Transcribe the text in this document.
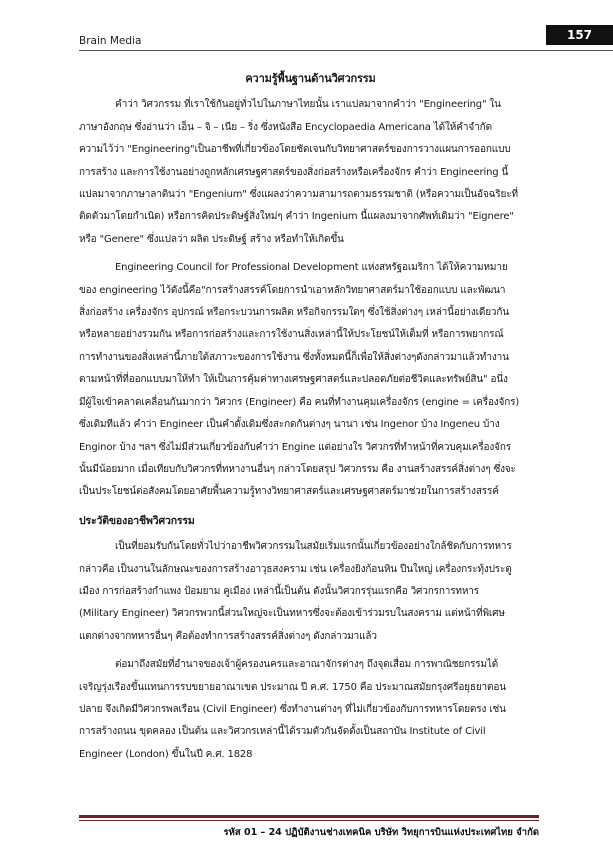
Brain Media	157
ความรู้พื้นฐานด้านวิศวกรรม
คำว่า วิศวกรรม ที่เราใช้กันอยู่ทั่วไปในภาษาไทยนั้น เราแปลมาจากคำว่า "Engineering" ใน
ภาษาอังกฤษ ซึ่งอ่านว่า เอ็น – จิ – เนีย – ริ่ง ซึ่งหนังสือ Encyclopaedia Americana ได้ให้คำจำกัด
ความไว้ว่า "Engineering"เป็นอาชีพที่เกี่ยวข้องโดยชัดเจนกับวิทยาศาสตร์ของการวางแผนการออกแบบ
การสร้าง และการใช้งานอย่างถูกหลักเศรษฐศาสตร์ของสิ่งก่อสร้างหรือเครื่องจักร คำว่า Engineering นี้
แปลมาจากภาษาลาตินว่า "Engenium" ซึ่งแผลงว่าความสามารถตามธรรมชาติ (หรือความเป็นอัจฉริยะที่
ติดตัวมาโดยกำเนิด) หรือการคิดประดิษฐ์สิ่งใหม่ๆ คำว่า Ingenium นี้แผลงมาจากศัพท์เดิมว่า "Eignere"
หรือ "Genere" ซึ่งแปลว่า ผลิต ประดิษฐ์ สร้าง หรือทำให้เกิดขึ้น
Engineering Council for Professional Development แห่งสหรัฐอเมริกา ได้ให้ความหมาย
ของ engineering ไว้ดังนี้คือ"การสร้างสรรค์โดยการนำเอาหลักวิทยาศาสตร์มาใช้ออกแบบ และพัฒนา
สิ่งก่อสร้าง เครื่องจักร อุปกรณ์ หรือกระบวนการผลิต หรือกิจกรรมใดๆ ซึ่งใช้สิ่งต่างๆ เหล่านี้อย่างเดียวกัน
หรือหลายอย่างรวมกัน หรือการก่อสร้างและการใช้งานสิ่งเหล่านี้ให้ประโยชน์ให้เต็มที่ หรือการพยากรณ์
การทำงานของสิ่งเหล่านี้ภายใต้สภาวะของการใช้งาน ซึ่งทั้งหมดนี้ก็เพื่อให้สิ่งต่างๆดังกล่าวมาแล้วทำงาน
ตามหน้าที่ที่ออกแบบมาให้ทำ ให้เป็นการคุ้มค่าทางเศรษฐศาสตร์และปลอดภัยต่อชีวิตและทรัพย์สิน" อนึ่ง
มีผู้ใจเข้าคลาดเคลื่อนกันมากว่า วิศวกร (Engineer) คือ คนที่ทำงานคุมเครื่องจักร (engine = เครื่องจักร)
ซึ่งเดิมทีแล้ว คำว่า Engineer เป็นคำดั้งเดิมซึ่งสะกดกันต่างๆ นานา เช่น Ingenor บ้าง Ingeneu บ้าง
Enginor บ้าง ฯลฯ ซึ่งไม่มีส่วนเกี่ยวข้องกับคำว่า Engine แต่อย่างใร วิศวกรที่ทำหน้าที่ควบคุมเครื่องจักร
นั้นมีน้อยมาก เมื่อเทียบกับวิศวกรที่ทหางานอื่นๆ กล่าวโดยสรุป วิศวกรรม คือ งานสร้างสรรค์สิ่งต่างๆ ซึ่งจะ
เป็นประโยชน์ต่อสังคมโดยอาศัยพื้นความรู้ทางวิทยาศาสตร์และเศรษฐศาสตร์มาช่วยในการสร้างสรรค์
ประวัติของอาชีพวิศวกรรม
เป็นที่ยอมรับกันโดยทั่วไปว่าอาชีพวิศวกรรมในสมัยเริ่มแรกนั้นเกี่ยวข้องอย่างใกล้ชิดกับการทหาร
กล่าวคือ เป็นงานในลักษณะของการสร้างอาวุธสงคราม เช่น เครื่องยิงก้อนหิน ปืนใหญ่ เครื่องกระทุ้งประตู
เมือง การก่อสร้างกำแพง ป้อมยาม คูเมือง เหล่านี้เป็นต้น ดังนั้นวิศวกรรุ่นแรกคือ วิศวกรการทหาร
(Military Engineer) วิศวกรพวกนี้ส่วนใหญ่จะเป็นทหารซึ่งจะต้องเข้าร่วมรบในสงคราม แต่หน้าที่พิเศษ
แตกต่างจากทหารอื่นๆ คือต้องทำการสร้างสรรค์สิ่งต่างๆ ดังกล่าวมาแล้ว
ต่อมาถึงสมัยที่อำนาจของเจ้าผู้ครองนครและอาณาจักรต่างๆ ถึงจุดเสื่อม การพาณิชยกรรมได้
เจริญรุ่งเรืองขึ้นแทนการรบขยายอาณาเขต ประมาณ ปี ค.ศ. 1750 คือ ประมาณสมัยกรุงศรีอยุธยาตอน
ปลาย จึงเกิดมีวิศวกรพลเรือน (Civil Engineer) ซึ่งทำงานต่างๆ ที่ไม่เกี่ยวข้องกับการทหารโดยตรง เช่น
การสร้างถนน ขุดคลอง เป็นต้น และวิศวกรเหล่านี้ได้รวมตัวกันจัดตั้งเป็นสถาบัน Institute of Civil
Engineer (London) ขึ้นในปี ค.ศ. 1828
รหัส 01 – 24 ปฏิบัติงานช่างเทคนิค บริษัท วิทยุการบินแห่งประเทศไทย จำกัด
